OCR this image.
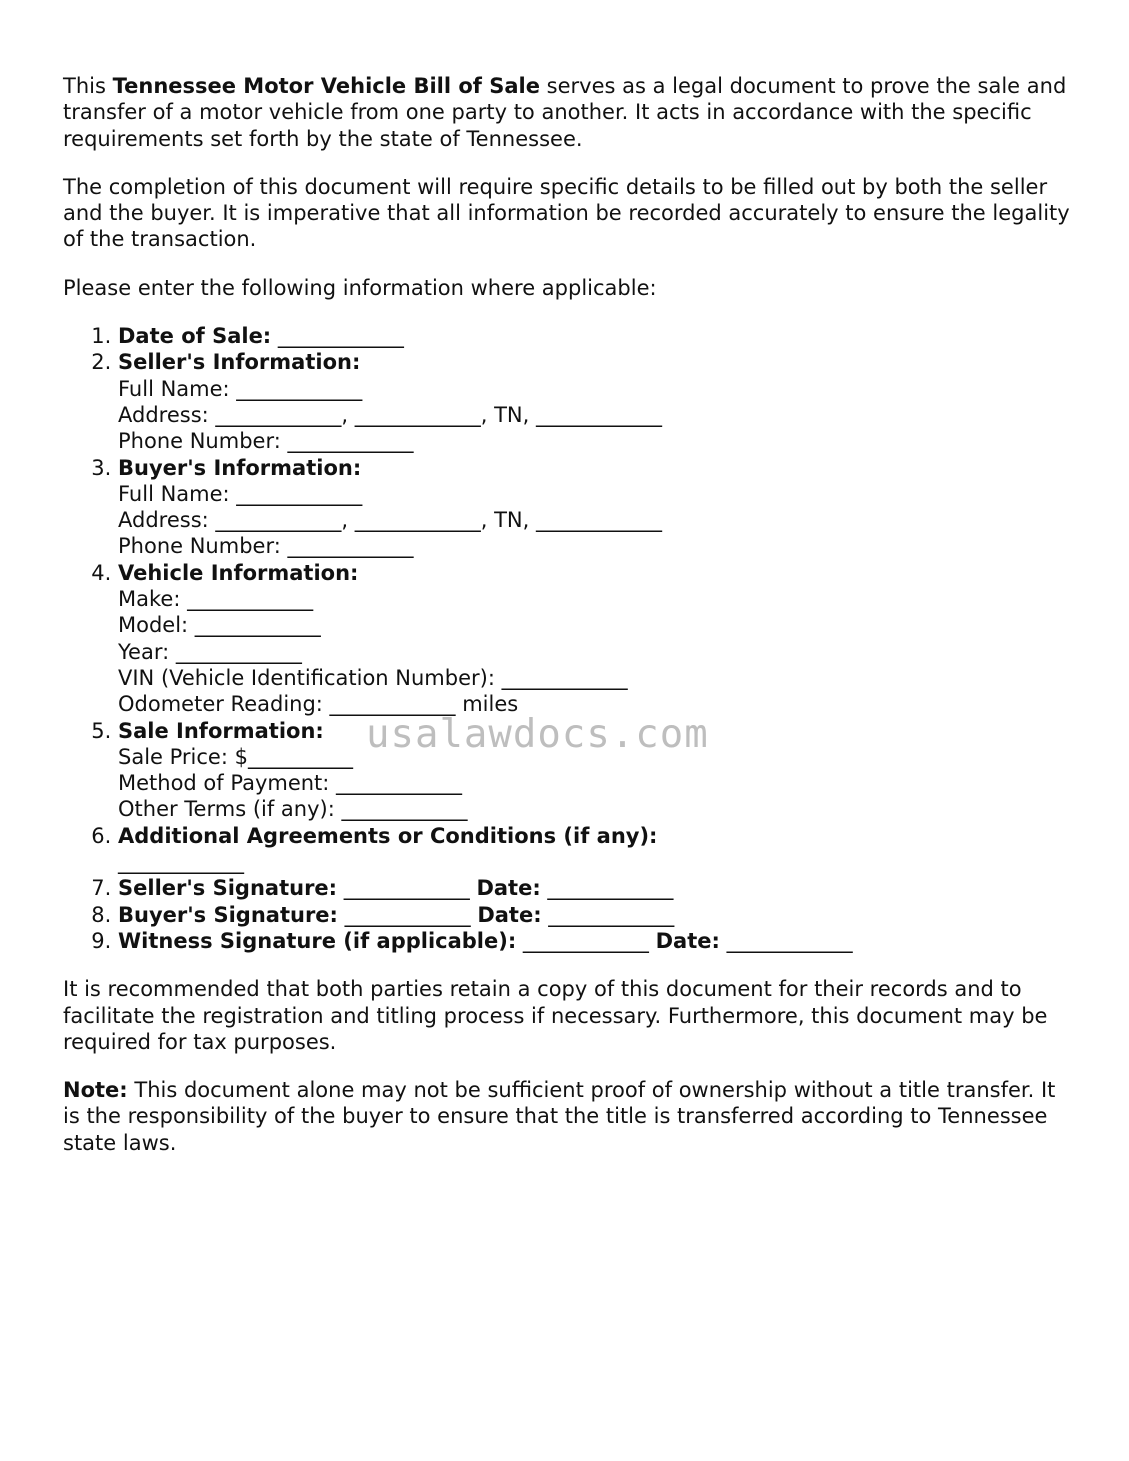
This Tennessee Motor Vehicle Bill of Sale serves as a legal document to prove the sale and transfer of a motor vehicle from one party to another. It acts in accordance with the specific requirements set forth by the state of Tennessee.

The completion of this document will require specific details to be filled out by both the seller and the buyer. It is imperative that all information be recorded accurately to ensure the legality of the transaction.

Please enter the following information where applicable:

1. Date of Sale: ____________
2. Seller's Information:
Full Name: ____________
Address: ____________, ____________, TN, ____________
Phone Number: ____________
3. Buyer's Information:
Full Name: ____________
Address: ____________, ____________, TN, ____________
Phone Number: ____________
4. Vehicle Information:
Make: ____________
Model: ____________
Year: ____________
VIN (Vehicle Identification Number): ____________
Odometer Reading: ____________ miles
5. Sale Information:
Sale Price: $__________
Method of Payment: ____________
Other Terms (if any): ____________
6. Additional Agreements or Conditions (if any):
____________
7. Seller's Signature: ____________ Date: ____________
8. Buyer's Signature: ____________ Date: ____________
9. Witness Signature (if applicable): ____________ Date: ____________

It is recommended that both parties retain a copy of this document for their records and to facilitate the registration and titling process if necessary. Furthermore, this document may be required for tax purposes.

Note: This document alone may not be sufficient proof of ownership without a title transfer. It is the responsibility of the buyer to ensure that the title is transferred according to Tennessee state laws.

usalawdocs.com
